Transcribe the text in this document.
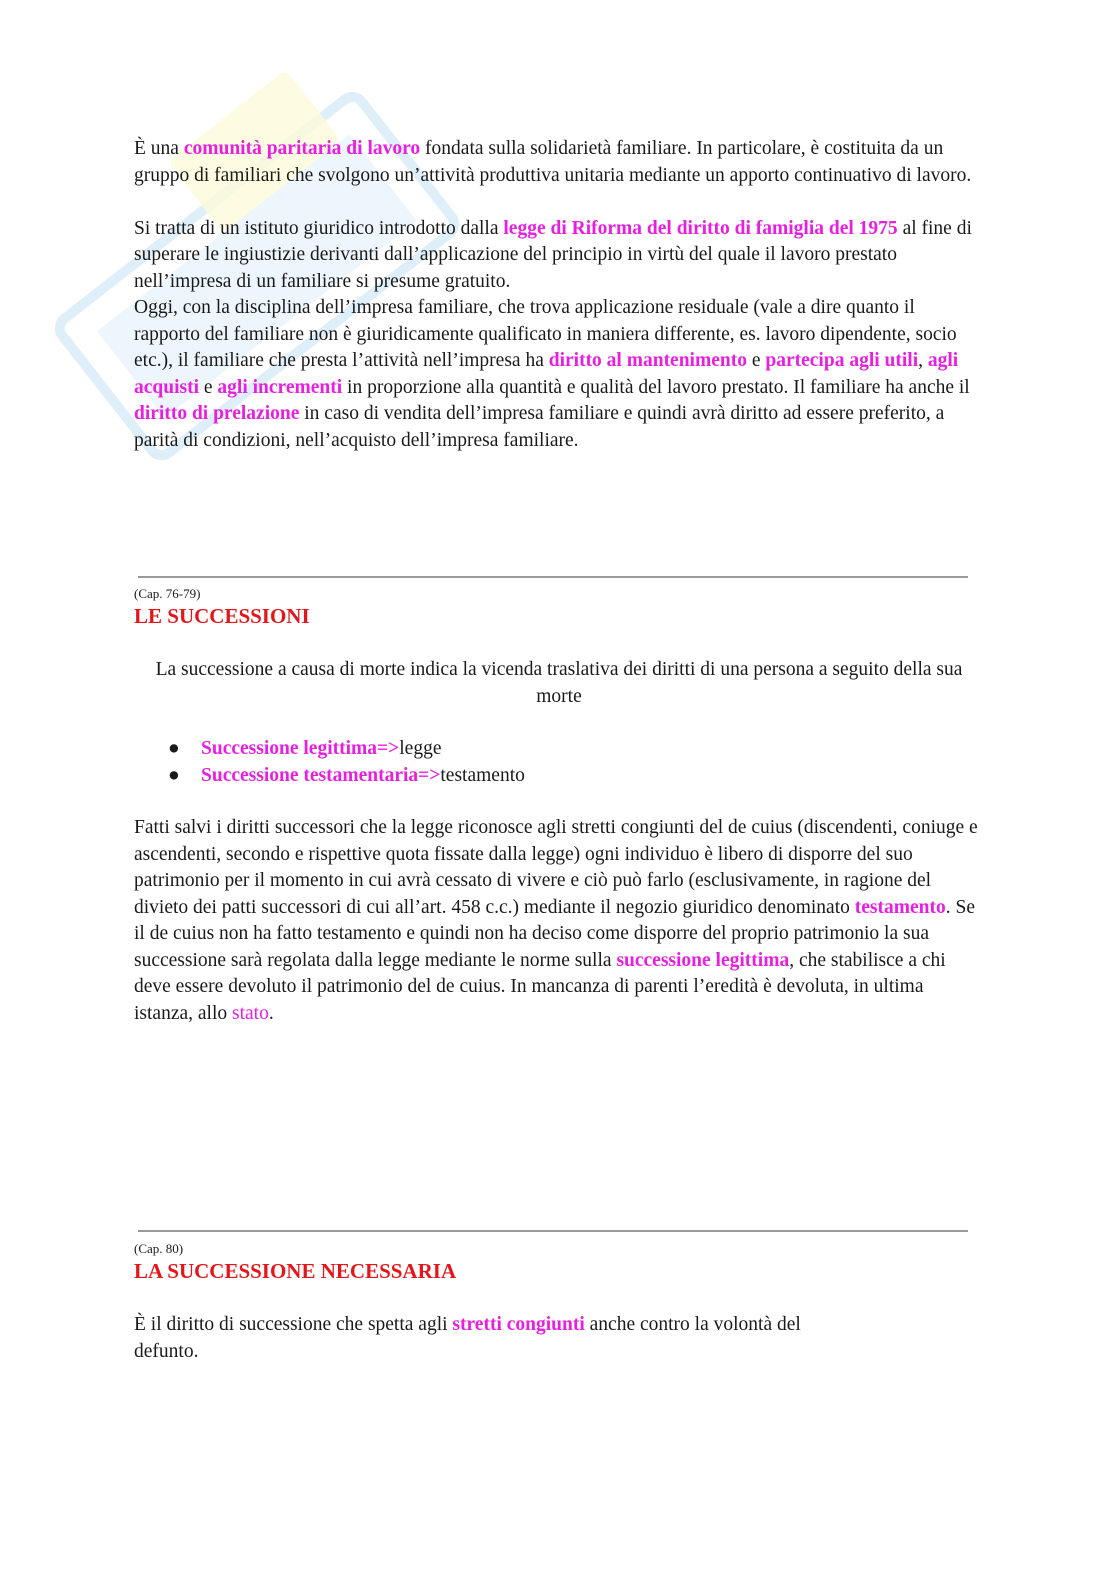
È una comunità paritaria di lavoro fondata sulla solidarietà familiare. In particolare, è costituita da un gruppo di familiari che svolgono un’attività produttiva unitaria mediante un apporto continuativo di lavoro.

Si tratta di un istituto giuridico introdotto dalla legge di Riforma del diritto di famiglia del 1975 al fine di superare le ingiustizie derivanti dall’applicazione del principio in virtù del quale il lavoro prestato nell’impresa di un familiare si presume gratuito.

Oggi, con la disciplina dell’impresa familiare, che trova applicazione residuale (vale a dire quanto il rapporto del familiare non è giuridicamente qualificato in maniera differente, es. lavoro dipendente, socio etc.), il familiare che presta l’attività nell’impresa ha diritto al mantenimento e partecipa agli utili, agli acquisti e agli incrementi in proporzione alla quantità e qualità del lavoro prestato. Il familiare ha anche il diritto di prelazione in caso di vendita dell’impresa familiare e quindi avrà diritto ad essere preferito, a parità di condizioni, nell’acquisto dell’impresa familiare.

(Cap. 76-79)
LE SUCCESSIONI

La successione a causa di morte indica la vicenda traslativa dei diritti di una persona a seguito della sua morte

● Successione legittima=>legge
● Successione testamentaria=>testamento

Fatti salvi i diritti successori che la legge riconosce agli stretti congiunti del de cuius (discendenti, coniuge e ascendenti, secondo e rispettive quota fissate dalla legge) ogni individuo è libero di disporre del suo patrimonio per il momento in cui avrà cessato di vivere e ciò può farlo (esclusivamente, in ragione del divieto dei patti successori di cui all’art. 458 c.c.) mediante il negozio giuridico denominato testamento. Se il de cuius non ha fatto testamento e quindi non ha deciso come disporre del proprio patrimonio la sua successione sarà regolata dalla legge mediante le norme sulla successione legittima, che stabilisce a chi deve essere devoluto il patrimonio del de cuius. In mancanza di parenti l’eredità è devoluta, in ultima istanza, allo stato.

(Cap. 80)
LA SUCCESSIONE NECESSARIA

È il diritto di successione che spetta agli stretti congiunti anche contro la volontà del defunto.
